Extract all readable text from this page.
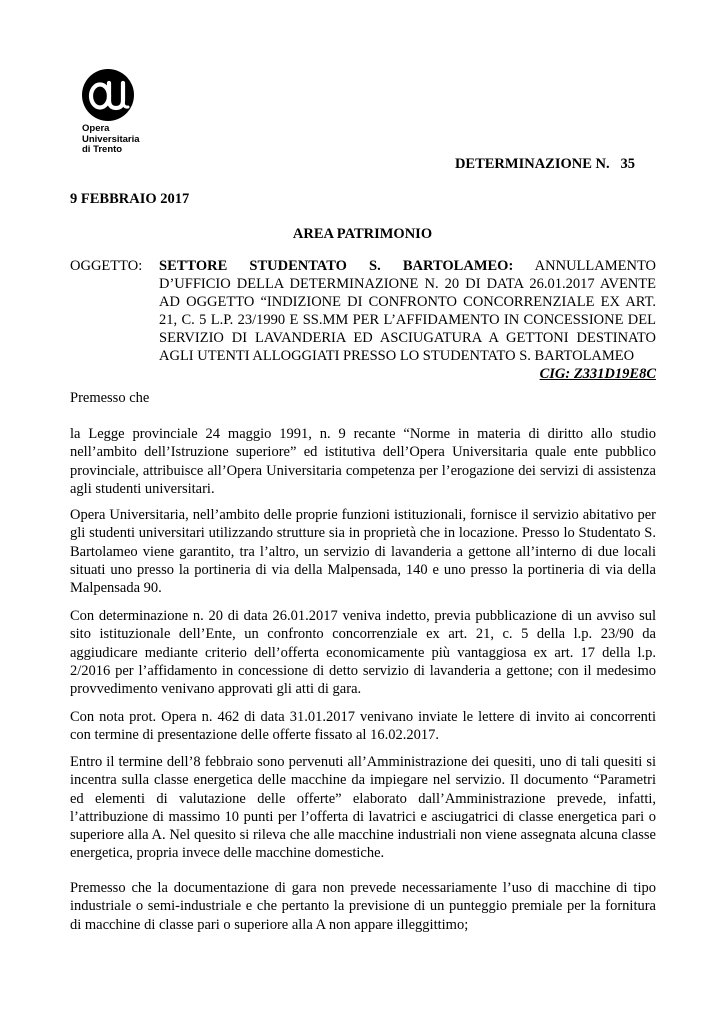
Opera
Universitaria
di Trento
DETERMINAZIONE N.   35
9 FEBBRAIO 2017
AREA PATRIMONIO
OGGETTO: SETTORE STUDENTATO S. BARTOLAMEO: ANNULLAMENTO D’UFFICIO DELLA DETERMINAZIONE N. 20 DI DATA 26.01.2017 AVENTE AD OGGETTO “INDIZIONE DI CONFRONTO CONCORRENZIALE EX ART. 21, C. 5 L.P. 23/1990 E SS.MM PER L’AFFIDAMENTO IN CONCESSIONE DEL SERVIZIO DI LAVANDERIA ED ASCIUGATURA A GETTONI DESTINATO AGLI UTENTI ALLOGGIATI PRESSO LO STUDENTATO S. BARTOLAMEO
CIG: Z331D19E8C

Premesso che

la Legge provinciale 24 maggio 1991, n. 9 recante “Norme in materia di diritto allo studio nell’ambito dell’Istruzione superiore” ed istitutiva dell’Opera Universitaria quale ente pubblico provinciale, attribuisce all’Opera Universitaria competenza per l’erogazione dei servizi di assistenza agli studenti universitari.

Opera Universitaria, nell’ambito delle proprie funzioni istituzionali, fornisce il servizio abitativo per gli studenti universitari utilizzando strutture sia in proprietà che in locazione. Presso lo Studentato S. Bartolameo viene garantito, tra l’altro, un servizio di lavanderia a gettone all’interno di due locali situati uno presso la portineria di via della Malpensada, 140 e uno presso la portineria di via della Malpensada 90.

Con determinazione n. 20 di data 26.01.2017 veniva indetto, previa pubblicazione di un avviso sul sito istituzionale dell’Ente, un confronto concorrenziale ex art. 21, c. 5 della l.p. 23/90 da aggiudicare mediante criterio dell’offerta economicamente più vantaggiosa ex art. 17 della l.p. 2/2016 per l’affidamento in concessione di detto servizio di lavanderia a gettone; con il medesimo provvedimento venivano approvati gli atti di gara.

Con nota prot. Opera n. 462 di data 31.01.2017 venivano inviate le lettere di invito ai concorrenti con termine di presentazione delle offerte fissato al 16.02.2017.

Entro il termine dell’8 febbraio sono pervenuti all’Amministrazione dei quesiti, uno di tali quesiti si incentra sulla classe energetica delle macchine da impiegare nel servizio. Il documento “Parametri ed elementi di valutazione delle offerte” elaborato dall’Amministrazione prevede, infatti, l’attribuzione di massimo 10 punti per l’offerta di lavatrici e asciugatrici di classe energetica pari o superiore alla A. Nel quesito si rileva che alle macchine industriali non viene assegnata alcuna classe energetica, propria invece delle macchine domestiche.

Premesso che la documentazione di gara non prevede necessariamente l’uso di macchine di tipo industriale o semi-industriale e che pertanto la previsione di un punteggio premiale per la fornitura di macchine di classe pari o superiore alla A non appare illeggittimo;
